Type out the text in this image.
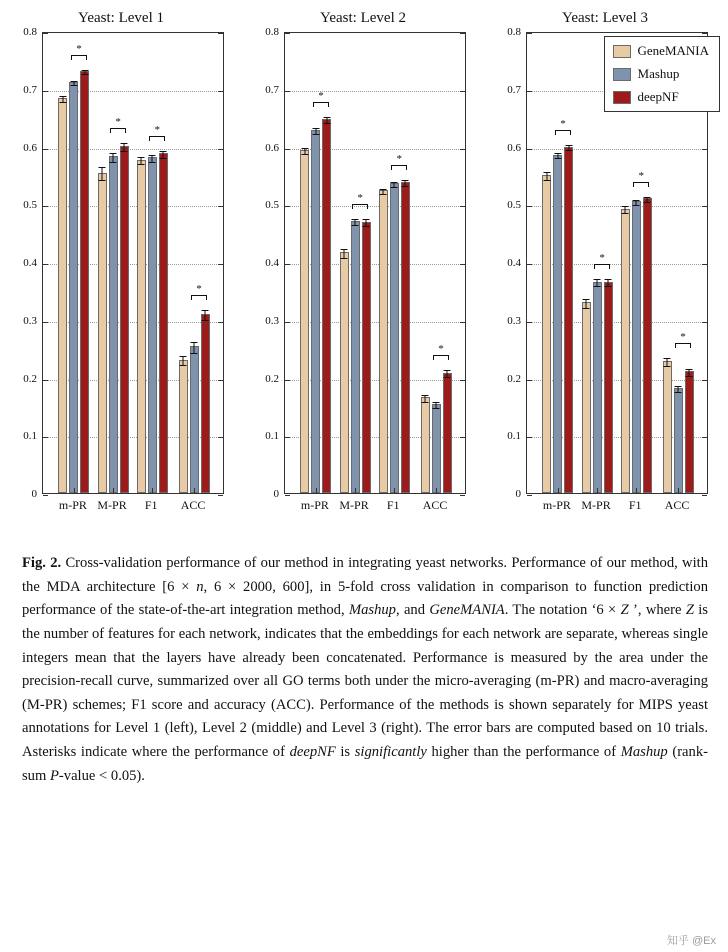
Yeast: Level 1
0
0.1
0.2
0.3
0.4
0.5
0.6
0.7
0.8
*
*
*
*
m-PR M-PR F1 ACC
Yeast: Level 2
0
0.1
0.2
0.3
0.4
0.5
0.6
0.7
0.8
*
*
*
*
m-PR M-PR F1 ACC
Yeast: Level 3
0
0.1
0.2
0.3
0.4
0.5
0.6
0.7
0.8
*
*
*
*
m-PR M-PR F1 ACC
GeneMANIA
Mashup
deepNF
Fig. 2. Cross-validation performance of our method in integrating yeast networks. Performance of our method, with the MDA architecture [6 × n, 6 × 2000, 600], in 5-fold cross validation in comparison to function prediction performance of the state-of-the-art integration method, Mashup, and GeneMANIA. The notation ‘6 × Z ’, where Z is the number of features for each network, indicates that the embeddings for each network are separate, whereas single integers mean that the layers have already been concatenated. Performance is measured by the area under the precision-recall curve, summarized over all GO terms both under the micro-averaging (m-PR) and macro-averaging (M-PR) schemes; F1 score and accuracy (ACC). Performance of the methods is shown separately for MIPS yeast annotations for Level 1 (left), Level 2 (middle) and Level 3 (right). The error bars are computed based on 10 trials. Asterisks indicate where the performance of deepNF is significantly higher than the performance of Mashup (rank-sum P-value < 0.05).
知乎 @Ex
